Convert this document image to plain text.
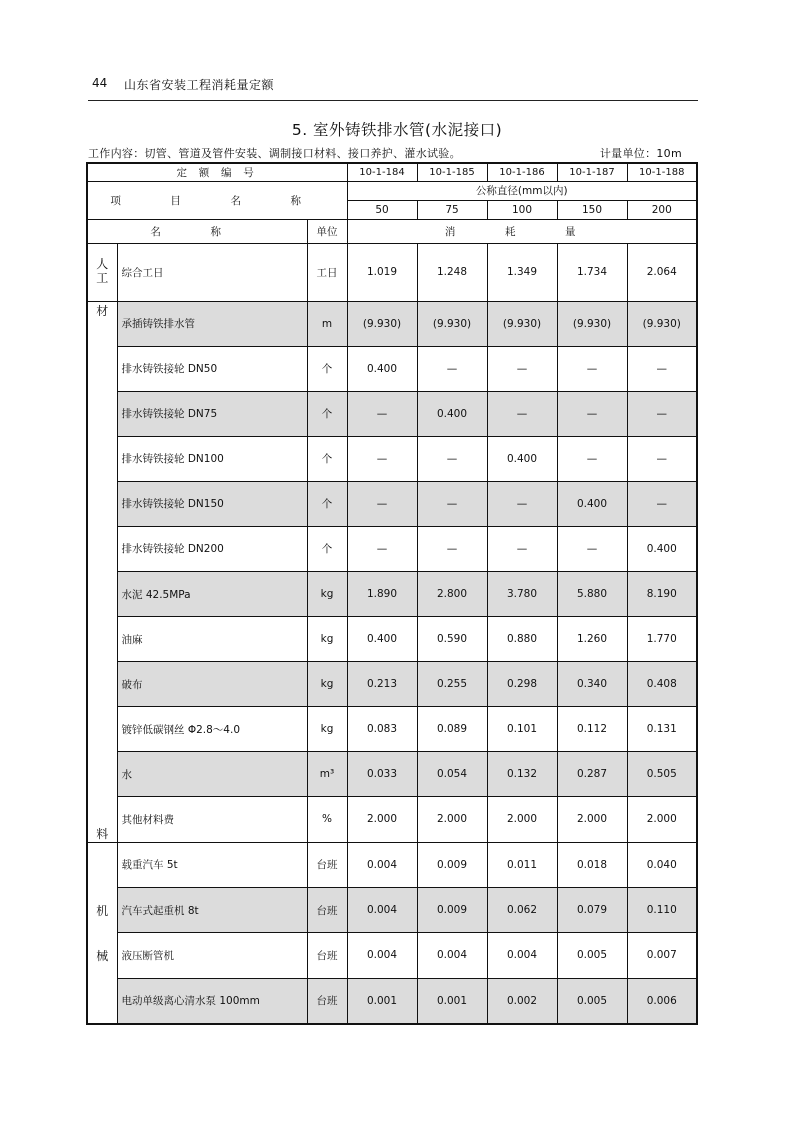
44 山东省安装工程消耗量定额
5. 室外铸铁排水管(水泥接口)
工作内容：切管、管道及管件安装、调制接口材料、接口养护、灌水试验。	计量单位：10m
定 额 编 号			10-1-184	10-1-185	10-1-186	10-1-187	10-1-188
项 目 名 称			公称直径(mm以内)				
			50	75	100	150	200
名 称		单位	消 耗 量				

人工	综合工日	工日	1.019	1.248	1.349	1.734	2.064

材
料	承插铸铁排水管	m	(9.930)	(9.930)	(9.930)	(9.930)	(9.930)
	排水铸铁接轮 DN50	个	0.400	—	—	—	—
	排水铸铁接轮 DN75	个	—	0.400	—	—	—
	排水铸铁接轮 DN100	个	—	—	0.400	—	—
	排水铸铁接轮 DN150	个	—	—	—	0.400	—
	排水铸铁接轮 DN200	个	—	—	—	—	0.400
	水泥 42.5MPa	kg	1.890	2.800	3.780	5.880	8.190
	油麻	kg	0.400	0.590	0.880	1.260	1.770
	破布	kg	0.213	0.255	0.298	0.340	0.408
	镀锌低碳钢丝 Φ2.8～4.0	kg	0.083	0.089	0.101	0.112	0.131
	水	m³	0.033	0.054	0.132	0.287	0.505
	其他材料费	%	2.000	2.000	2.000	2.000	2.000

机
械	载重汽车 5t	台班	0.004	0.009	0.011	0.018	0.040
	汽车式起重机 8t	台班	0.004	0.009	0.062	0.079	0.110
	液压断管机	台班	0.004	0.004	0.004	0.005	0.007
	电动单级离心清水泵 100mm	台班	0.001	0.001	0.002	0.005	0.006
